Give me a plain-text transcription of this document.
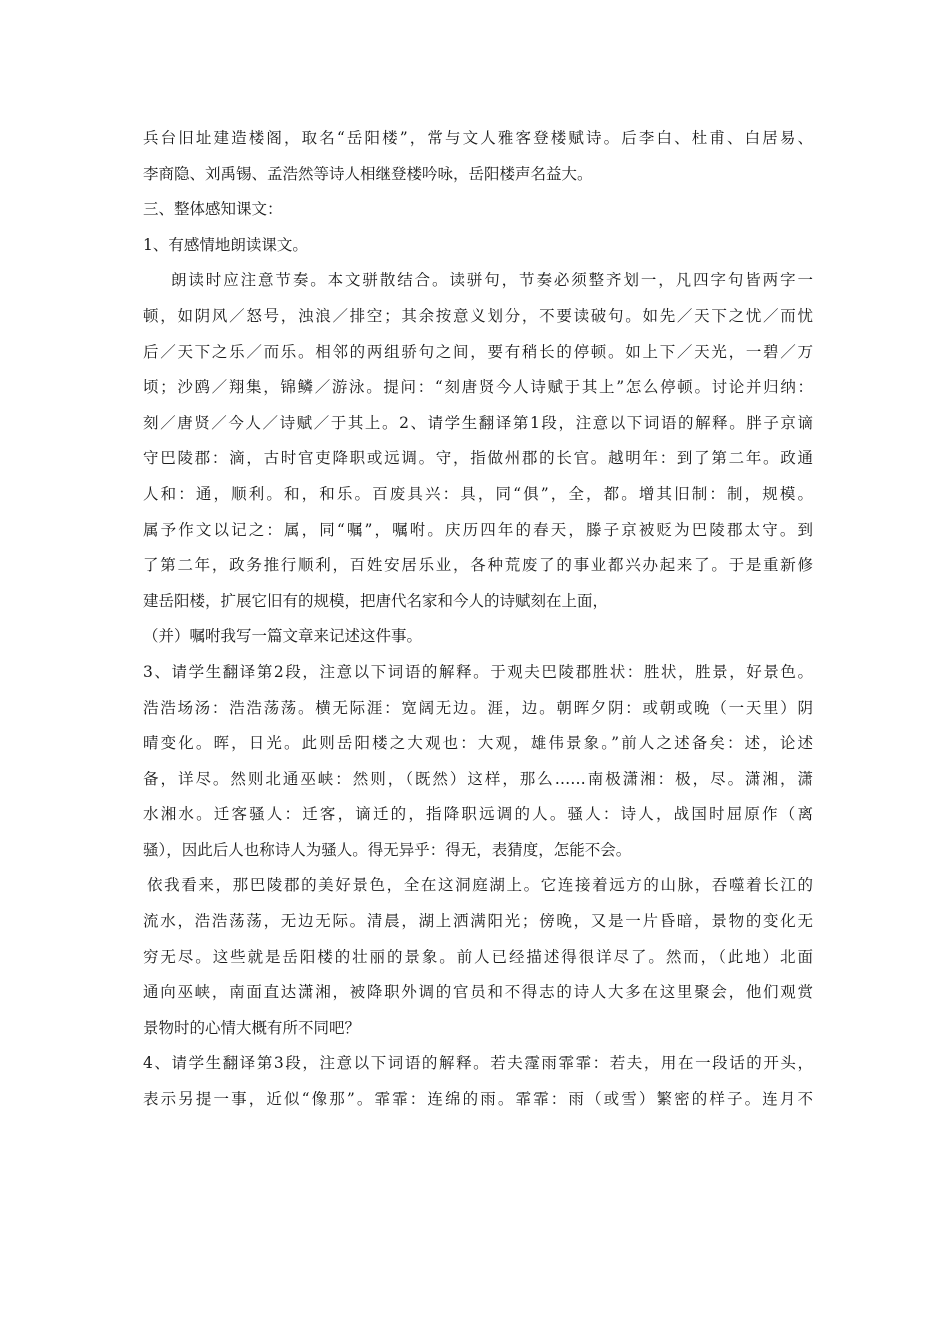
兵台旧址建造楼阁，取名“岳阳楼”，常与文人雅客登楼赋诗。后李白、杜甫、白居易、
李商隐、刘禹锡、孟浩然等诗人相继登楼吟咏，岳阳楼声名益大。
三、整体感知课文：
1、有感情地朗读课文。
朗读时应注意节奏。本文骈散结合。读骈句，节奏必须整齐划一，凡四字句皆两字一
顿，如阴风／怒号，浊浪／排空；其余按意义划分，不要读破句。如先／天下之忧／而忧
后／天下之乐／而乐。相邻的两组骄句之间，要有稍长的停顿。如上下／天光，一碧／万
顷；沙鸥／翔集，锦鳞／游泳。提问：“刻唐贤今人诗赋于其上”怎么停顿。讨论并归纳：
刻／唐贤／今人／诗赋／于其上。2、请学生翻译第1段，注意以下词语的解释。胖子京谪
守巴陵郡：滴，古时官吏降职或远调。守，指做州郡的长官。越明年：到了第二年。政通
人和：通，顺利。和，和乐。百废具兴：具，同“俱”，全，都。增其旧制：制，规模。
属予作文以记之：属，同“嘱”，嘱咐。庆历四年的春天，滕子京被贬为巴陵郡太守。到
了第二年，政务推行顺利，百姓安居乐业，各种荒废了的事业都兴办起来了。于是重新修
建岳阳楼，扩展它旧有的规模，把唐代名家和今人的诗赋刻在上面，
（并）嘱咐我写一篇文章来记述这件事。
3、请学生翻译第2段，注意以下词语的解释。于观夫巴陵郡胜状：胜状，胜景，好景色。
浩浩场汤：浩浩荡荡。横无际涯：宽阔无边。涯，边。朝晖夕阴：或朝或晚（一天里）阴
晴变化。晖，日光。此则岳阳楼之大观也：大观，雄伟景象。”前人之述备矣：述，论述
备，详尽。然则北通巫峡：然则，（既然）这样，那么……南极潇湘：极，尽。潇湘，潇
水湘水。迁客骚人：迁客，谪迁的，指降职远调的人。骚人：诗人，战国时屈原作（离
骚），因此后人也称诗人为骚人。得无异乎：得无，表猜度，怎能不会。
依我看来，那巴陵郡的美好景色，全在这洞庭湖上。它连接着远方的山脉，吞噬着长江的
流水，浩浩荡荡，无边无际。清晨，湖上洒满阳光；傍晚，又是一片昏暗，景物的变化无
穷无尽。这些就是岳阳楼的壮丽的景象。前人已经描述得很详尽了。然而，（此地）北面
通向巫峡，南面直达潇湘，被降职外调的官员和不得志的诗人大多在这里聚会，他们观赏
景物时的心情大概有所不同吧？
4、请学生翻译第3段，注意以下词语的解释。若夫霪雨霏霏：若夫，用在一段话的开头，
表示另提一事，近似“像那”。霏霏：连绵的雨。霏霏：雨（或雪）繁密的样子。连月不
